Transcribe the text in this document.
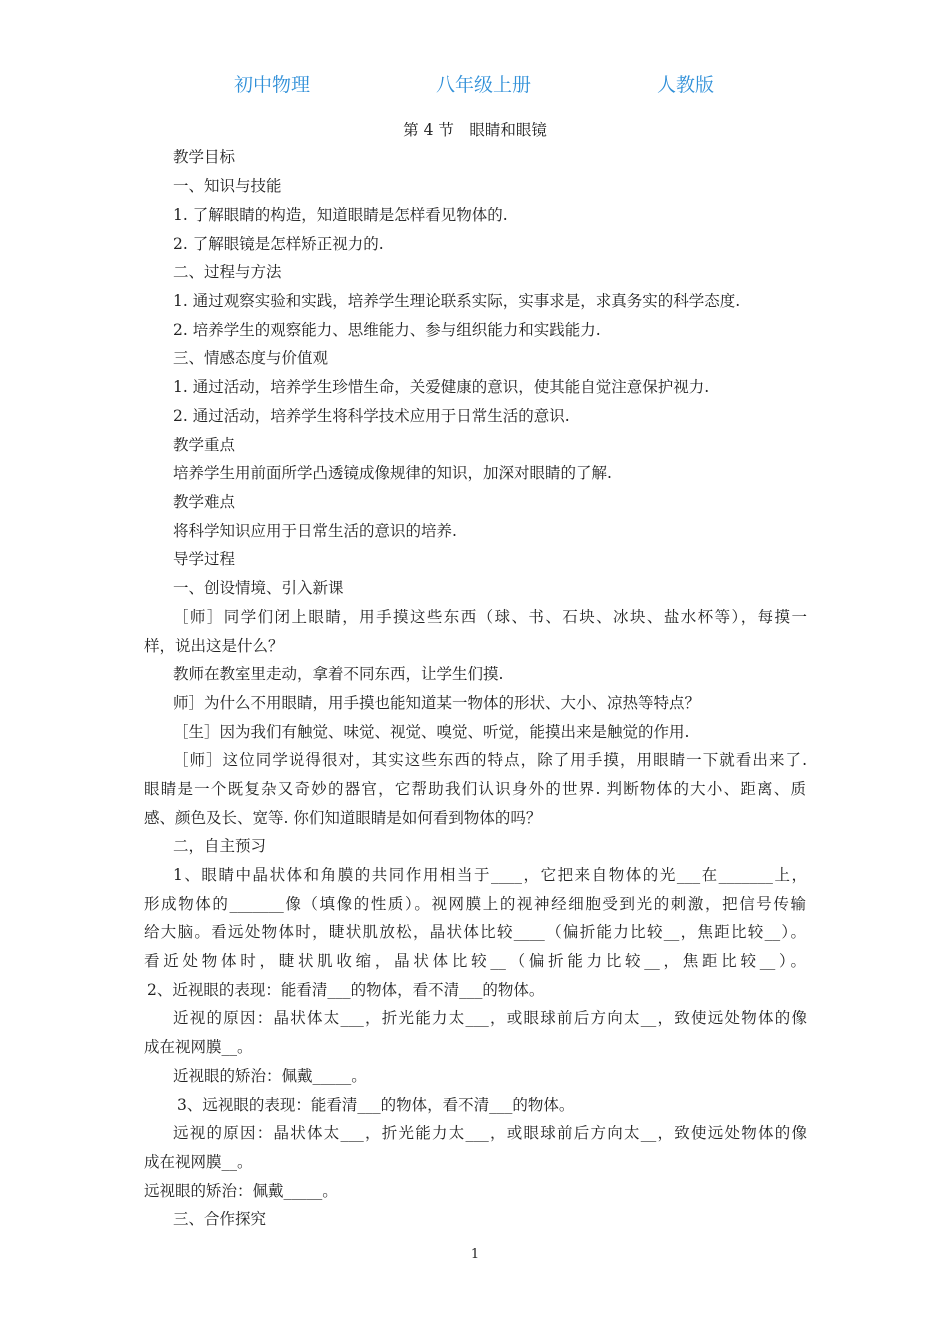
初中物理	八年级上册	人教版
第 4 节　眼睛和眼镜
教学目标
一、知识与技能
1. 了解眼睛的构造，知道眼睛是怎样看见物体的.
2. 了解眼镜是怎样矫正视力的.
二、过程与方法
1. 通过观察实验和实践，培养学生理论联系实际，实事求是，求真务实的科学态度.
2. 培养学生的观察能力、思维能力、参与组织能力和实践能力.
三、情感态度与价值观
1. 通过活动，培养学生珍惜生命，关爱健康的意识，使其能自觉注意保护视力.
2. 通过活动，培养学生将科学技术应用于日常生活的意识.
教学重点
培养学生用前面所学凸透镜成像规律的知识，加深对眼睛的了解.
教学难点
将科学知识应用于日常生活的意识的培养.
导学过程
一、创设情境、引入新课
［师］同学们闭上眼睛，用手摸这些东西（球、书、石块、冰块、盐水杯等），每摸一
样，说出这是什么？
教师在教室里走动，拿着不同东西，让学生们摸.
师］为什么不用眼睛，用手摸也能知道某一物体的形状、大小、凉热等特点？
［生］因为我们有触觉、味觉、视觉、嗅觉、听觉，能摸出来是触觉的作用.
［师］这位同学说得很对，其实这些东西的特点，除了用手摸，用眼睛一下就看出来了.
眼睛是一个既复杂又奇妙的器官，它帮助我们认识身外的世界. 判断物体的大小、距离、质
感、颜色及长、宽等. 你们知道眼睛是如何看到物体的吗？
二，自主预习
1、眼睛中晶状体和角膜的共同作用相当于____，它把来自物体的光___在_______上，
形成物体的_______像（填像的性质）。视网膜上的视神经细胞受到光的刺激，把信号传输
给大脑。看远处物体时，睫状肌放松，晶状体比较____（偏折能力比较__，焦距比较__）。
看近处物体时，睫状肌收缩，晶状体比较__（偏折能力比较__，焦距比较__）。
2、近视眼的表现：能看清___的物体，看不清___的物体。
近视的原因：晶状体太___，折光能力太___，或眼球前后方向太__，致使远处物体的像
成在视网膜__。
近视眼的矫治：佩戴_____。
3、远视眼的表现：能看清___的物体，看不清___的物体。
远视的原因：晶状体太___，折光能力太___，或眼球前后方向太__，致使远处物体的像
成在视网膜__。
远视眼的矫治：佩戴_____。
三、合作探究
1
